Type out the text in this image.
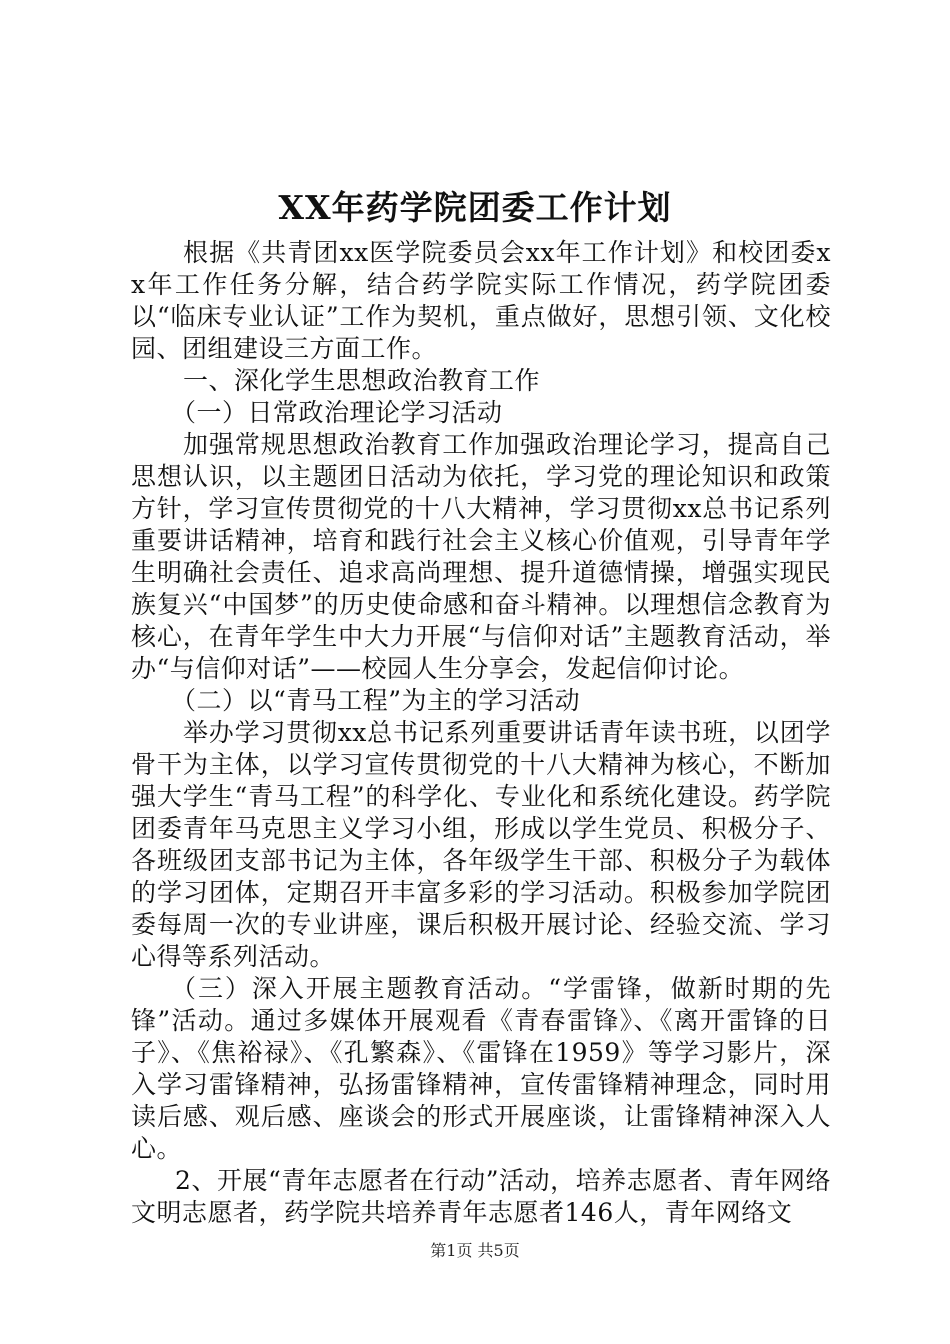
XX年药学院团委工作计划

根据《共青团xx医学院委员会xx年工作计划》和校团委xx年工作任务分解，结合药学院实际工作情况，药学院团委以“临床专业认证”工作为契机，重点做好，思想引领、文化校园、团组建设三方面工作。

一、深化学生思想政治教育工作

（一）日常政治理论学习活动

加强常规思想政治教育工作加强政治理论学习，提高自己思想认识，以主题团日活动为依托，学习党的理论知识和政策方针，学习宣传贯彻党的十八大精神，学习贯彻xx总书记系列重要讲话精神，培育和践行社会主义核心价值观，引导青年学生明确社会责任、追求高尚理想、提升道德情操，增强实现民族复兴“中国梦”的历史使命感和奋斗精神。以理想信念教育为核心，在青年学生中大力开展“与信仰对话”主题教育活动，举办“与信仰对话”——校园人生分享会，发起信仰讨论。

（二）以“青马工程”为主的学习活动

举办学习贯彻xx总书记系列重要讲话青年读书班，以团学骨干为主体，以学习宣传贯彻党的十八大精神为核心，不断加强大学生“青马工程”的科学化、专业化和系统化建设。药学院团委青年马克思主义学习小组，形成以学生党员、积极分子、各班级团支部书记为主体，各年级学生干部、积极分子为载体的学习团体，定期召开丰富多彩的学习活动。积极参加学院团委每周一次的专业讲座，课后积极开展讨论、经验交流、学习心得等系列活动。

（三）深入开展主题教育活动。“学雷锋，做新时期的先锋”活动。通过多媒体开展观看《青春雷锋》、《离开雷锋的日子》、《焦裕禄》、《孔繁森》、《雷锋在1959》等学习影片，深入学习雷锋精神，弘扬雷锋精神，宣传雷锋精神理念，同时用读后感、观后感、座谈会的形式开展座谈，让雷锋精神深入人心。

2、开展“青年志愿者在行动”活动，培养志愿者、青年网络文明志愿者，药学院共培养青年志愿者146人，青年网络文

第1页 共5页
